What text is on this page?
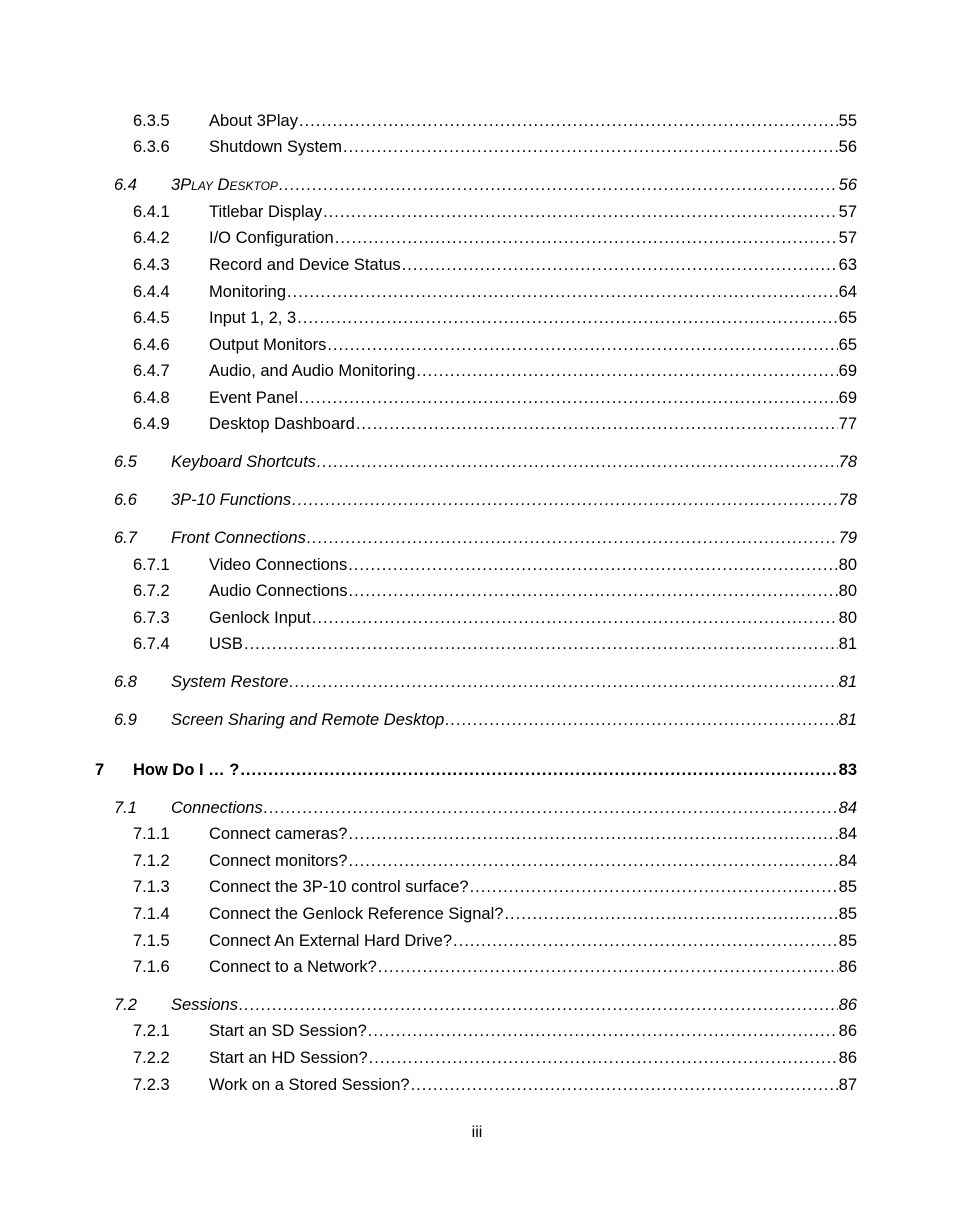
6.3.5	About 3Play .....	55
6.3.6	Shutdown System .....	56
6.4	3Play Desktop .....	56
6.4.1	Titlebar Display .....	57
6.4.2	I/O Configuration .....	57
6.4.3	Record and Device Status .....	63
6.4.4	Monitoring .....	64
6.4.5	Input 1, 2, 3 .....	65
6.4.6	Output Monitors .....	65
6.4.7	Audio, and Audio Monitoring .....	69
6.4.8	Event Panel .....	69
6.4.9	Desktop Dashboard .....	77
6.5	Keyboard Shortcuts .....	78
6.6	3P-10 Functions .....	78
6.7	Front Connections .....	79
6.7.1	Video Connections .....	80
6.7.2	Audio Connections .....	80
6.7.3	Genlock Input .....	80
6.7.4	USB .....	81
6.8	System Restore .....	81
6.9	Screen Sharing and Remote Desktop .....	81
7	How Do I … ? .....	83
7.1	Connections .....	84
7.1.1	Connect cameras? .....	84
7.1.2	Connect monitors? .....	84
7.1.3	Connect the 3P-10 control surface? .....	85
7.1.4	Connect the Genlock Reference Signal? .....	85
7.1.5	Connect An External Hard Drive? .....	85
7.1.6	Connect to a Network? .....	86
7.2	Sessions .....	86
7.2.1	Start an SD Session? .....	86
7.2.2	Start an HD Session? .....	86
7.2.3	Work on a Stored Session? .....	87
iii
